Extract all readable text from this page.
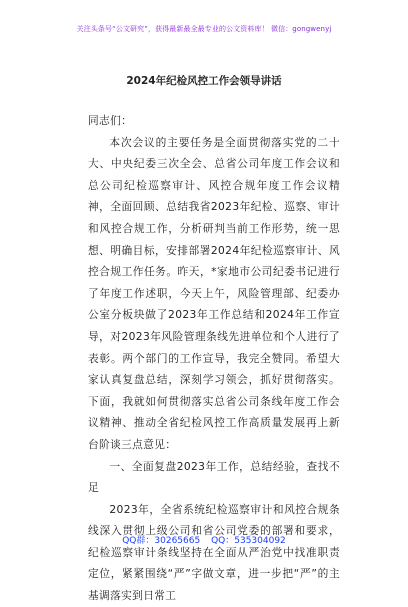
关注头条号“公文研究”，获得最新最全最专业的公文资料库！ 微信：gongwenyj
2024年纪检风控工作会领导讲话

同志们：

本次会议的主要任务是全面贯彻落实党的二十大、中央纪委三次全会、总省公司年度工作会议和总公司纪检巡察审计、风控合规年度工作会议精神，全面回顾、总结我省2023年纪检、巡察、审计和风控合规工作，分析研判当前工作形势，统一思想、明确目标，安排部署2024年纪检巡察审计、风控合规工作任务。昨天，*家地市公司纪委书记进行了年度工作述职，今天上午，风险管理部、纪委办公室分板块做了2023年工作总结和2024年工作宣导，对2023年风险管理条线先进单位和个人进行了表彰。两个部门的工作宣导，我完全赞同。希望大家认真复盘总结，深刻学习领会，抓好贯彻落实。下面，我就如何贯彻落实总省公司条线年度工作会议精神、推动全省纪检风控工作高质量发展再上新台阶谈三点意见：

一、全面复盘2023年工作，总结经验，查找不足

2023年，全省系统纪检巡察审计和风控合规条线深入贯彻上级公司和省公司党委的部署和要求，纪检巡察审计条线坚持在全面从严治党中找准职责定位，紧紧围绕“严”字做文章，进一步把“严”的主基调落实到日常工

QQ群：30265665 QQ：535304092
